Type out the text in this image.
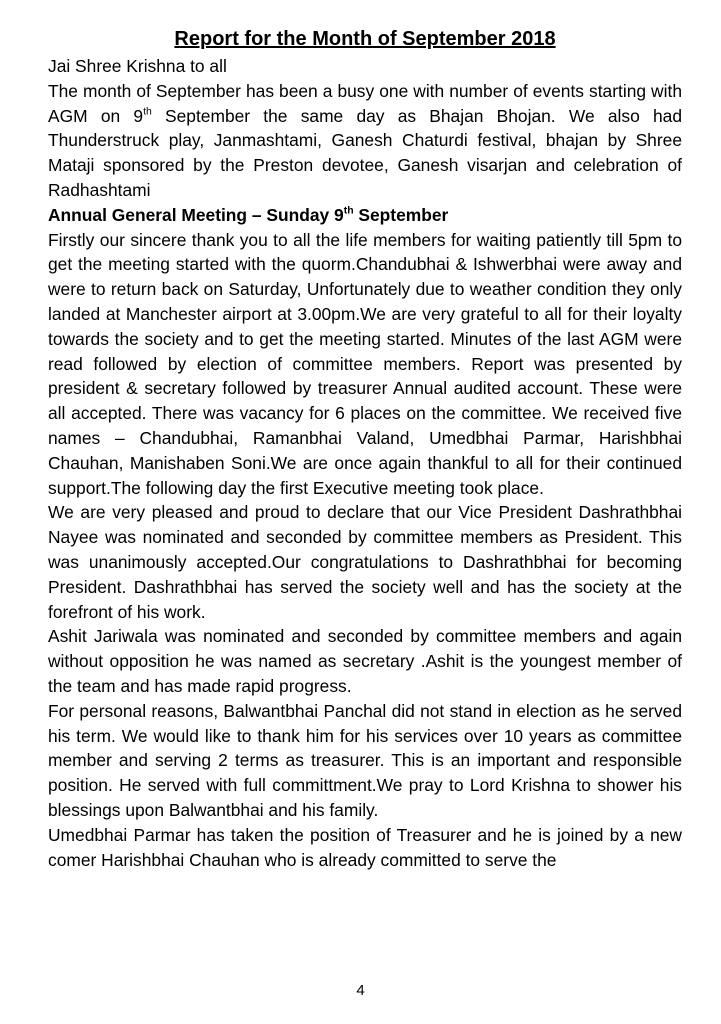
Report for the Month of September 2018

Jai Shree Krishna to all

The month of September has been a busy one with number of events starting with AGM on 9th September the same day as Bhajan Bhojan. We also had Thunderstruck play, Janmashtami, Ganesh Chaturdi festival, bhajan by Shree Mataji sponsored by the Preston devotee, Ganesh visarjan and celebration of Radhashtami

Annual General Meeting – Sunday 9th September

Firstly our sincere thank you to all the life members for waiting patiently till 5pm to get the meeting started with the quorm.Chandubhai & Ishwerbhai were away and were to return back on Saturday, Unfortunately due to weather condition they only landed at Manchester airport at 3.00pm.We are very grateful to all for their loyalty towards the society and to get the meeting started. Minutes of the last AGM were read followed by election of committee members. Report was presented by president & secretary followed by treasurer Annual audited account. These were all accepted. There was vacancy for 6 places on the committee. We received five names – Chandubhai, Ramanbhai Valand, Umedbhai Parmar, Harishbhai Chauhan, Manishaben Soni.We are once again thankful to all for their continued support.The following day the first Executive meeting took place.

We are very pleased and proud to declare that our Vice President Dashrathbhai Nayee was nominated and seconded by committee members as President. This was unanimously accepted.Our congratulations to Dashrathbhai for becoming President. Dashrathbhai has served the society well and has the society at the forefront of his work.

Ashit Jariwala was nominated and seconded by committee members and again without opposition he was named as secretary .Ashit is the youngest member of the team and has made rapid progress.

For personal reasons, Balwantbhai Panchal did not stand in election as he served his term. We would like to thank him for his services over 10 years as committee member and serving 2 terms as treasurer. This is an important and responsible position. He served with full committment.We pray to Lord Krishna to shower his blessings upon Balwantbhai and his family.

Umedbhai Parmar has taken the position of Treasurer and he is joined by a new comer Harishbhai Chauhan who is already committed to serve the

4
